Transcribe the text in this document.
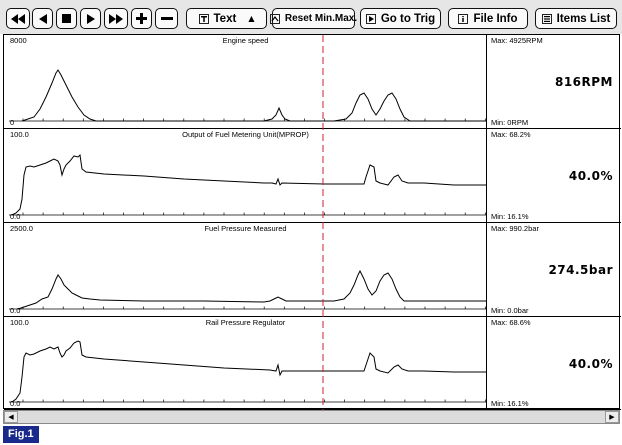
Text ▲	Reset Min.Max. Go to Trig	File Info	Items List
8000	Engine speed
0
Max: 4925RPM
816RPM
Min: 0RPM
100.0	Output of Fuel Metering Unit(MPROP)
0.0
Max: 68.2%
40.0%
Min: 16.1%
2500.0	Fuel Pressure Measured
0.0
Max: 990.2bar
274.5bar
Min: 0.0bar
100.0	Rail Pressure Regulator
0.0
Max: 68.6%
40.0%
Min: 16.1%
◀	▶
Fig.1
